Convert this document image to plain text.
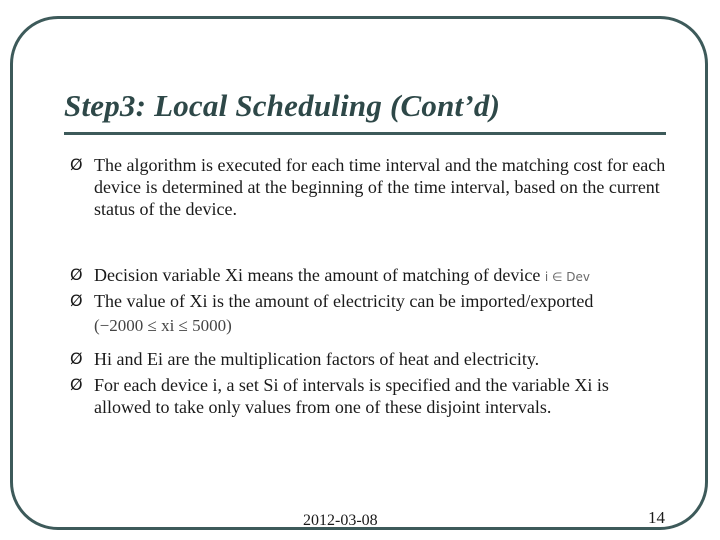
Step3: Local Scheduling (Cont’d)
Ø The algorithm is executed for each time interval and the matching cost for each device is determined at the beginning of the time interval, based on the current status of the device.
Ø Decision variable Xi means the amount of matching of device i ∈ Dev
Ø The value of Xi is the amount of electricity can be imported/exported
(−2000 ≤ xi ≤ 5000)
Ø Hi and Ei are the multiplication factors of heat and electricity.
Ø For each device i, a set Si of intervals is specified and the variable Xi is allowed to take only values from one of these disjoint intervals.
2012-03-08	14
